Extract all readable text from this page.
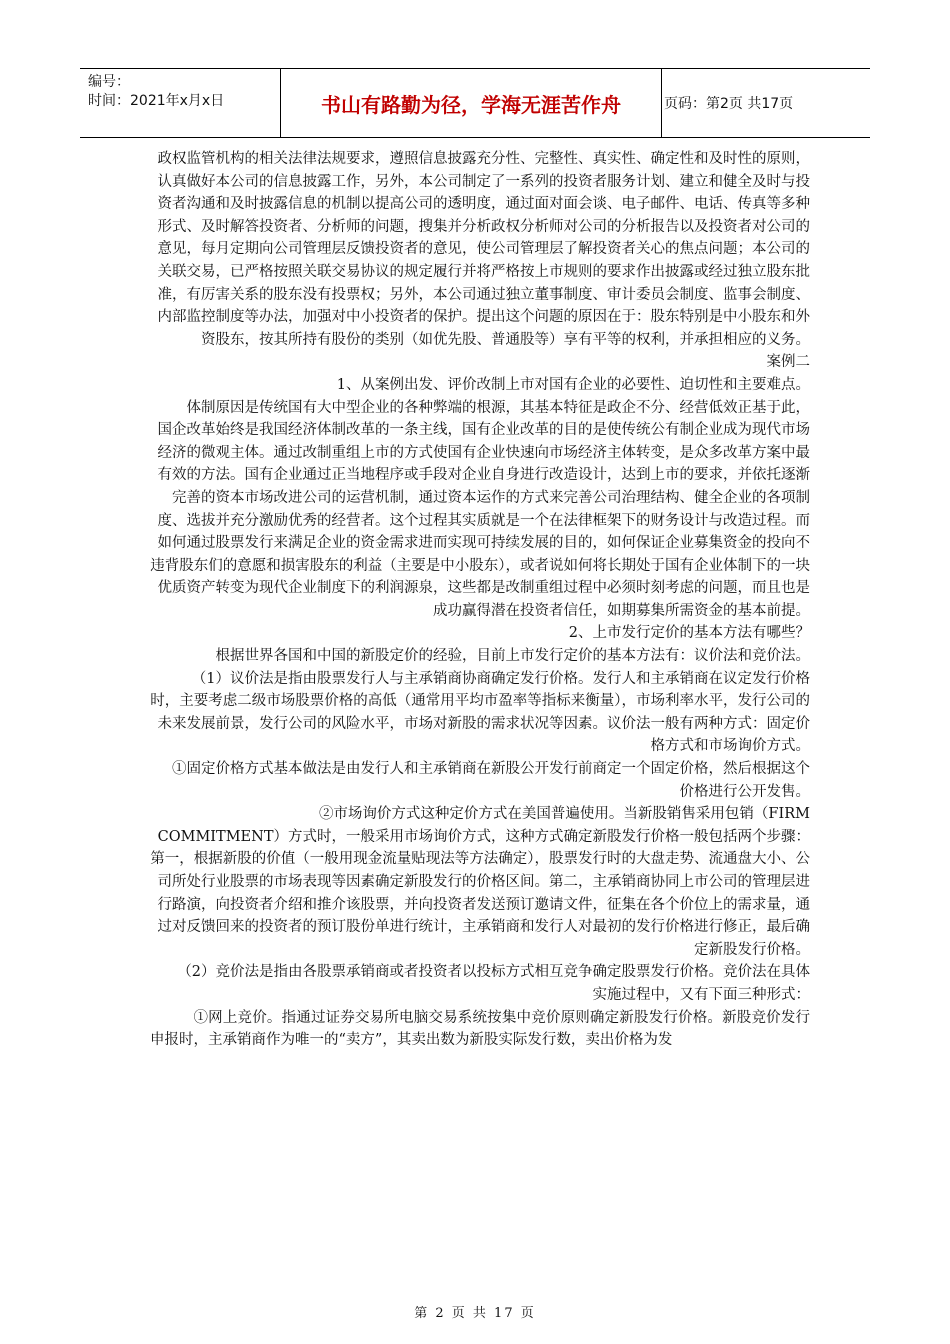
编号：
时间：2021年x月x日	书山有路勤为径，学海无涯苦作舟	页码：第2页 共17页

政权监管机构的相关法律法规要求，遵照信息披露充分性、完整性、真实性、确定性和及时性的原则，认真做好本公司的信息披露工作，另外，本公司制定了一系列的投资者服务计划、建立和健全及时与投资者沟通和及时披露信息的机制以提高公司的透明度，通过面对面会谈、电子邮件、电话、传真等多种形式、及时解答投资者、分析师的问题，搜集并分析政权分析师对公司的分析报告以及投资者对公司的意见，每月定期向公司管理层反馈投资者的意见，使公司管理层了解投资者关心的焦点问题；本公司的关联交易，已严格按照关联交易协议的规定履行并将严格按上市规则的要求作出披露或经过独立股东批准，有厉害关系的股东没有投票权；另外，本公司通过独立董事制度、审计委员会制度、监事会制度、内部监控制度等办法，加强对中小投资者的保护。提出这个问题的原因在于：股东特别是中小股东和外资股东，按其所持有股份的类别（如优先股、普通股等）享有平等的权利，并承担相应的义务。

案例二

1、从案例出发、评价改制上市对国有企业的必要性、迫切性和主要难点。

体制原因是传统国有大中型企业的各种弊端的根源，其基本特征是政企不分、经营低效正基于此，国企改革始终是我国经济体制改革的一条主线，国有企业改革的目的是使传统公有制企业成为现代市场经济的微观主体。通过改制重组上市的方式使国有企业快速向市场经济主体转变，是众多改革方案中最有效的方法。国有企业通过正当地程序或手段对企业自身进行改造设计，达到上市的要求，并依托逐渐完善的资本市场改进公司的运营机制，通过资本运作的方式来完善公司治理结构、健全企业的各项制度、选拔并充分激励优秀的经营者。这个过程其实质就是一个在法律框架下的财务设计与改造过程。而如何通过股票发行来满足企业的资金需求进而实现可持续发展的目的，如何保证企业募集资金的投向不违背股东们的意愿和损害股东的利益（主要是中小股东），或者说如何将长期处于国有企业体制下的一块优质资产转变为现代企业制度下的利润源泉，这些都是改制重组过程中必须时刻考虑的问题，而且也是成功赢得潜在投资者信任，如期募集所需资金的基本前提。

2、上市发行定价的基本方法有哪些？

根据世界各国和中国的新股定价的经验，目前上市发行定价的基本方法有：议价法和竞价法。

（1）议价法是指由股票发行人与主承销商协商确定发行价格。发行人和主承销商在议定发行价格时，主要考虑二级市场股票价格的高低（通常用平均市盈率等指标来衡量），市场利率水平，发行公司的未来发展前景，发行公司的风险水平，市场对新股的需求状况等因素。议价法一般有两种方式：固定价格方式和市场询价方式。

①固定价格方式基本做法是由发行人和主承销商在新股公开发行前商定一个固定价格，然后根据这个价格进行公开发售。

②市场询价方式这种定价方式在美国普遍使用。当新股销售采用包销（FIRM COMMITMENT）方式时，一般采用市场询价方式，这种方式确定新股发行价格一般包括两个步骤：第一，根据新股的价值（一般用现金流量贴现法等方法确定），股票发行时的大盘走势、流通盘大小、公司所处行业股票的市场表现等因素确定新股发行的价格区间。第二，主承销商协同上市公司的管理层进行路演，向投资者介绍和推介该股票，并向投资者发送预订邀请文件，征集在各个价位上的需求量，通过对反馈回来的投资者的预订股份单进行统计，主承销商和发行人对最初的发行价格进行修正，最后确定新股发行价格。

（2）竞价法是指由各股票承销商或者投资者以投标方式相互竞争确定股票发行价格。竞价法在具体实施过程中，又有下面三种形式：

①网上竞价。指通过证券交易所电脑交易系统按集中竞价原则确定新股发行价格。新股竞价发行申报时，主承销商作为唯一的“卖方”，其卖出数为新股实际发行数，卖出价格为发

第 2 页 共 17 页
